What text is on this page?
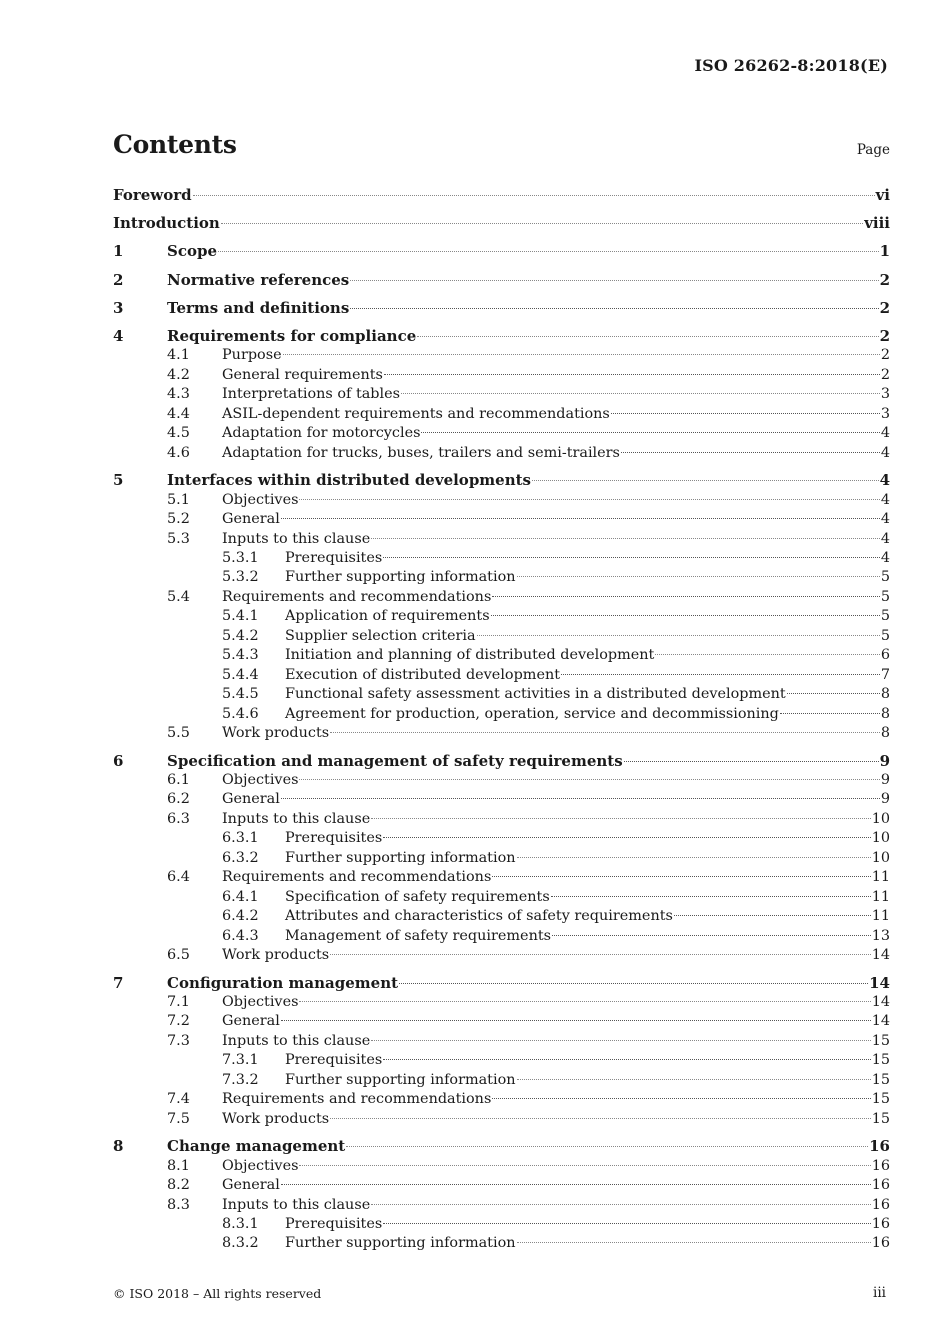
ISO 26262-8:2018(E)
Contents	Page
Foreword	vi
Introduction	viii
1	Scope	1
2	Normative references	2
3	Terms and definitions	2
4	Requirements for compliance	2
4.1	Purpose	2
4.2	General requirements	2
4.3	Interpretations of tables	3
4.4	ASIL-dependent requirements and recommendations	3
4.5	Adaptation for motorcycles	4
4.6	Adaptation for trucks, buses, trailers and semi-trailers	4
5	Interfaces within distributed developments	4
5.1	Objectives	4
5.2	General	4
5.3	Inputs to this clause	4
5.3.1	Prerequisites	4
5.3.2	Further supporting information	5
5.4	Requirements and recommendations	5
5.4.1	Application of requirements	5
5.4.2	Supplier selection criteria	5
5.4.3	Initiation and planning of distributed development	6
5.4.4	Execution of distributed development	7
5.4.5	Functional safety assessment activities in a distributed development	8
5.4.6	Agreement for production, operation, service and decommissioning	8
5.5	Work products	8
6	Specification and management of safety requirements	9
6.1	Objectives	9
6.2	General	9
6.3	Inputs to this clause	10
6.3.1	Prerequisites	10
6.3.2	Further supporting information	10
6.4	Requirements and recommendations	11
6.4.1	Specification of safety requirements	11
6.4.2	Attributes and characteristics of safety requirements	11
6.4.3	Management of safety requirements	13
6.5	Work products	14
7	Configuration management	14
7.1	Objectives	14
7.2	General	14
7.3	Inputs to this clause	15
7.3.1	Prerequisites	15
7.3.2	Further supporting information	15
7.4	Requirements and recommendations	15
7.5	Work products	15
8	Change management	16
8.1	Objectives	16
8.2	General	16
8.3	Inputs to this clause	16
8.3.1	Prerequisites	16
8.3.2	Further supporting information	16
© ISO 2018 – All rights reserved	iii
